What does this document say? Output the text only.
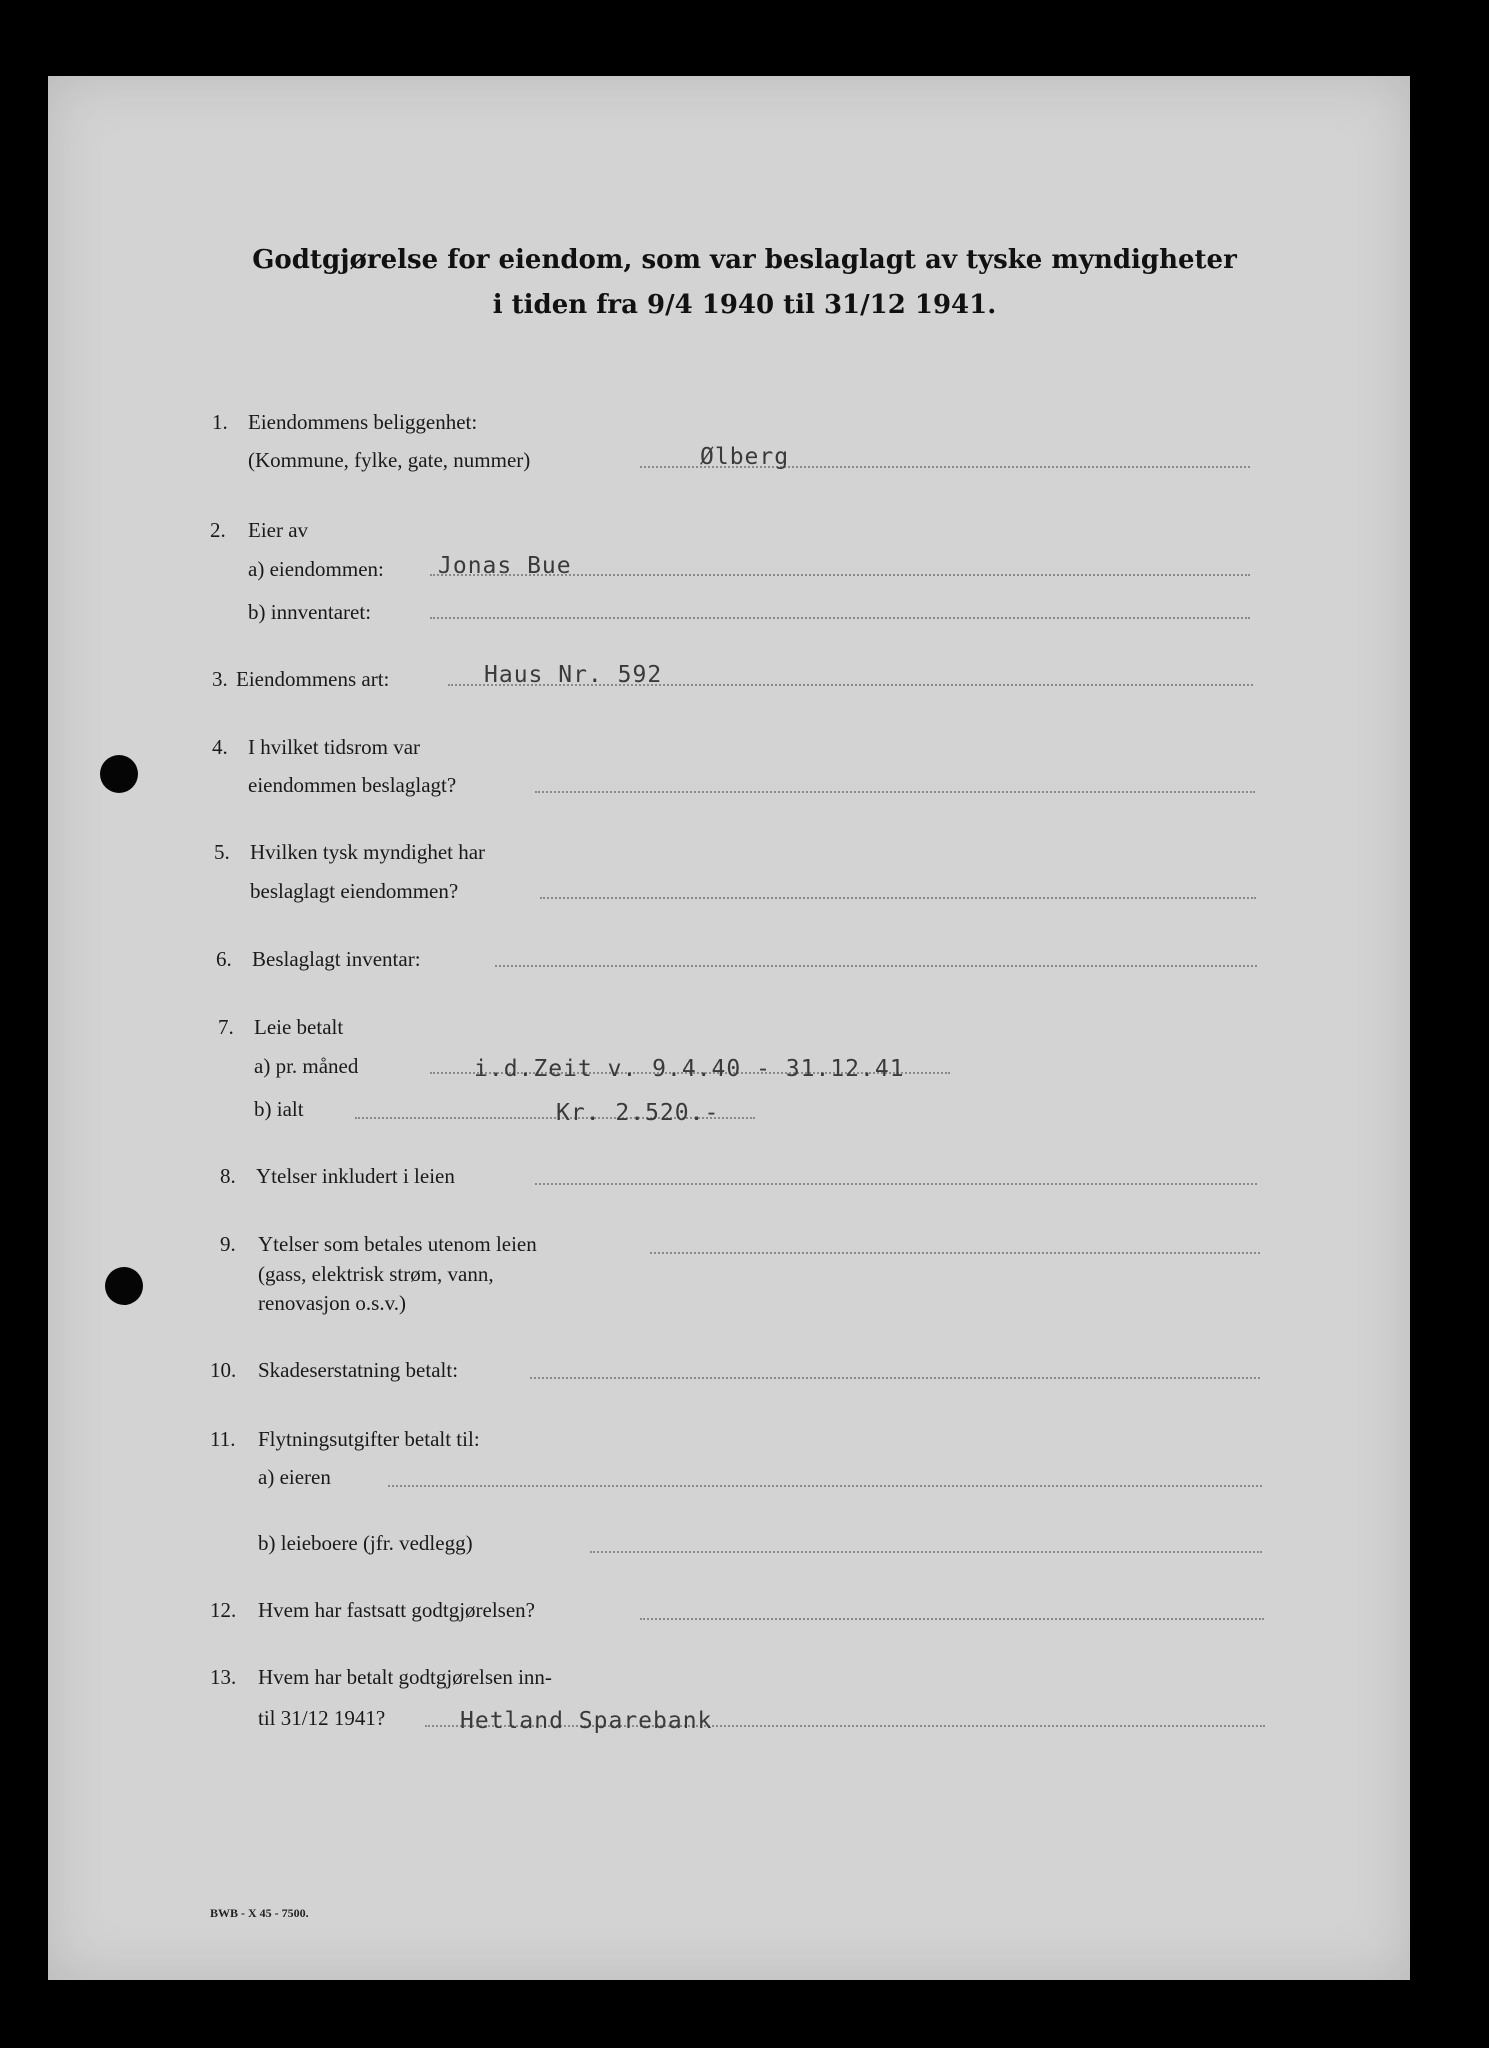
Godtgjørelse for eiendom, som var beslaglagt av tyske myndigheter
i tiden fra 9/4 1940 til 31/12 1941.
1. Eiendommens beliggenhet:
(Kommune, fylke, gate, nummer)	Ølberg
2. Eier av
a) eiendommen: Jonas Bue
b) innventaret:
3. Eiendommens art:	Haus Nr. 592
4. I hvilket tidsrom var
eiendommen beslaglagt?
5. Hvilken tysk myndighet har
beslaglagt eiendommen?
6. Beslaglagt inventar:
7. Leie betalt
a) pr. måned	i.d.Zeit v. 9.4.40 - 31.12.41
b) ialt	Kr. 2.520.-
8. Ytelser inkludert i leien
9. Ytelser som betales utenom leien
(gass, elektrisk strøm, vann,
renovasjon o.s.v.)
10. Skadeserstatning betalt:
11. Flytningsutgifter betalt til:
a) eieren
b) leieboere (jfr. vedlegg)
12. Hvem har fastsatt godtgjørelsen?
13. Hvem har betalt godtgjørelsen inn-
til 31/12 1941?	Hetland Sparebank
BWB - X 45 - 7500.
